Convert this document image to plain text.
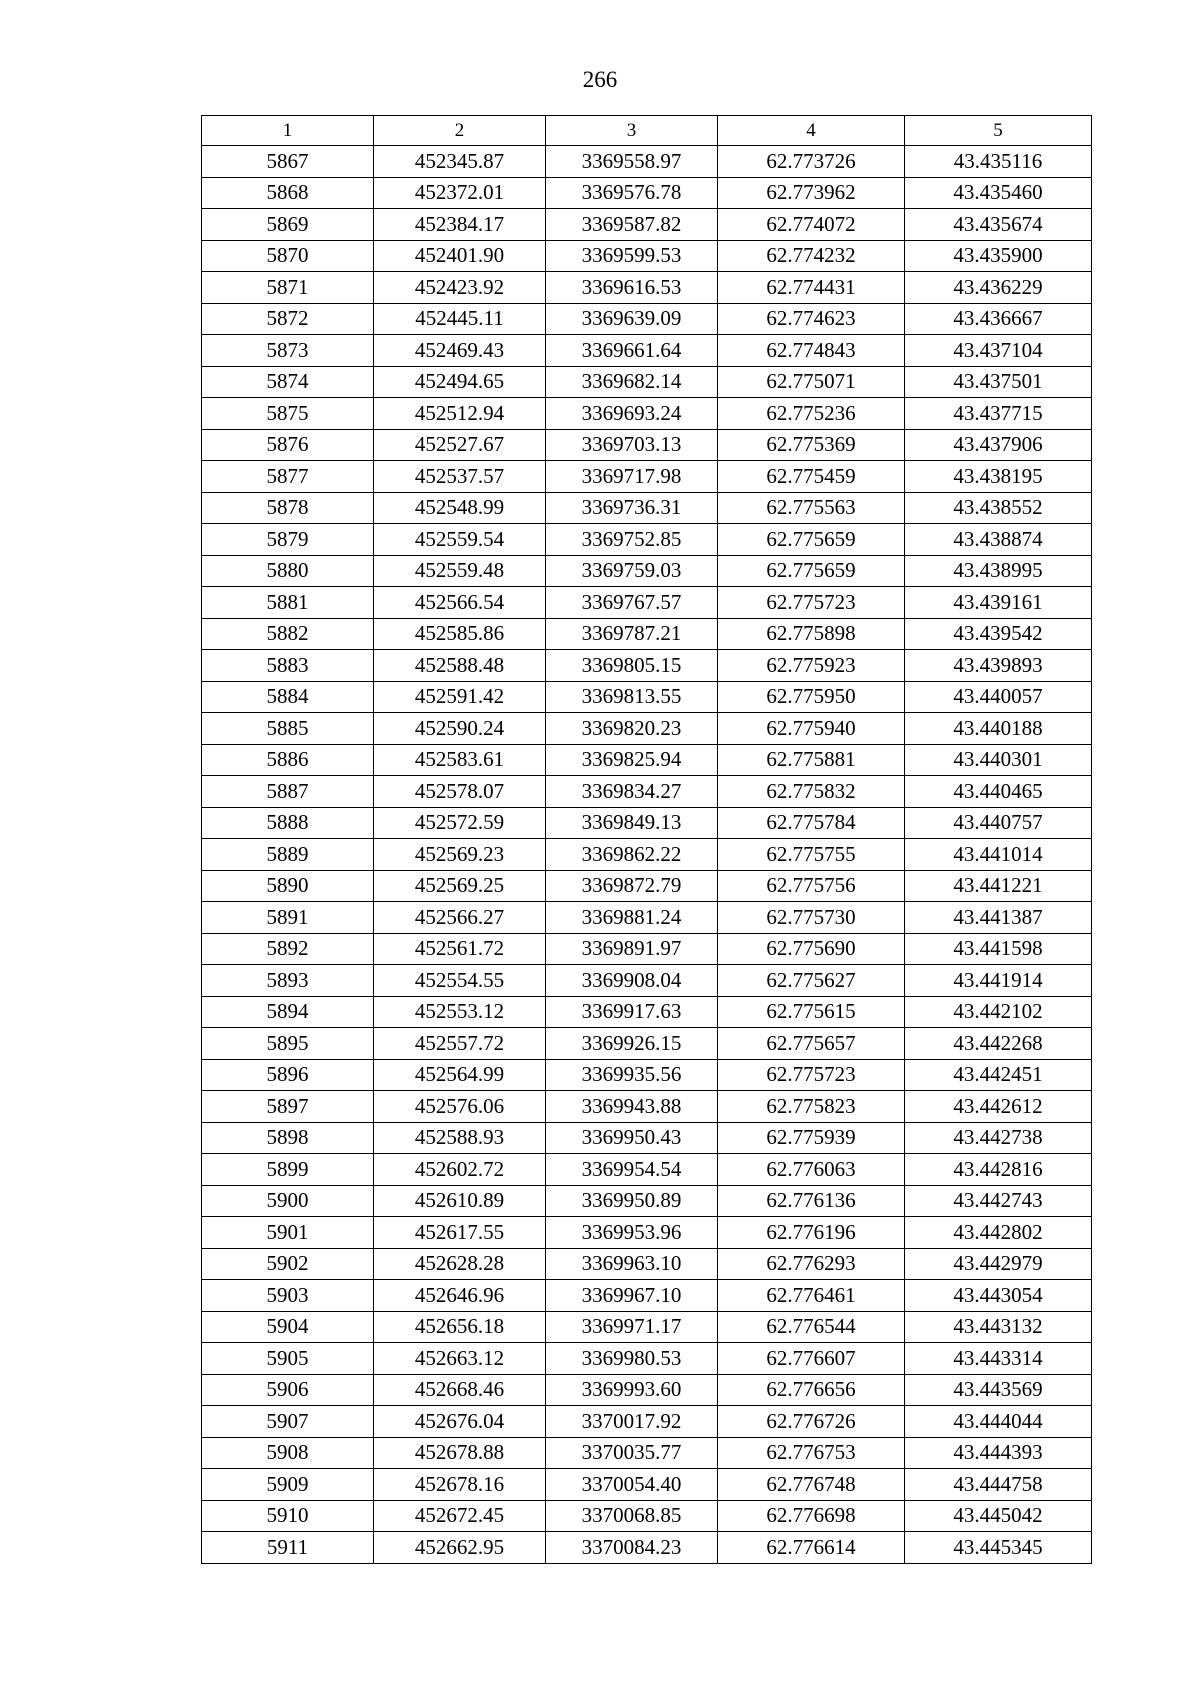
266
1	2	3	4	5
5867	452345.87	3369558.97	62.773726	43.435116
5868	452372.01	3369576.78	62.773962	43.435460
5869	452384.17	3369587.82	62.774072	43.435674
5870	452401.90	3369599.53	62.774232	43.435900
5871	452423.92	3369616.53	62.774431	43.436229
5872	452445.11	3369639.09	62.774623	43.436667
5873	452469.43	3369661.64	62.774843	43.437104
5874	452494.65	3369682.14	62.775071	43.437501
5875	452512.94	3369693.24	62.775236	43.437715
5876	452527.67	3369703.13	62.775369	43.437906
5877	452537.57	3369717.98	62.775459	43.438195
5878	452548.99	3369736.31	62.775563	43.438552
5879	452559.54	3369752.85	62.775659	43.438874
5880	452559.48	3369759.03	62.775659	43.438995
5881	452566.54	3369767.57	62.775723	43.439161
5882	452585.86	3369787.21	62.775898	43.439542
5883	452588.48	3369805.15	62.775923	43.439893
5884	452591.42	3369813.55	62.775950	43.440057
5885	452590.24	3369820.23	62.775940	43.440188
5886	452583.61	3369825.94	62.775881	43.440301
5887	452578.07	3369834.27	62.775832	43.440465
5888	452572.59	3369849.13	62.775784	43.440757
5889	452569.23	3369862.22	62.775755	43.441014
5890	452569.25	3369872.79	62.775756	43.441221
5891	452566.27	3369881.24	62.775730	43.441387
5892	452561.72	3369891.97	62.775690	43.441598
5893	452554.55	3369908.04	62.775627	43.441914
5894	452553.12	3369917.63	62.775615	43.442102
5895	452557.72	3369926.15	62.775657	43.442268
5896	452564.99	3369935.56	62.775723	43.442451
5897	452576.06	3369943.88	62.775823	43.442612
5898	452588.93	3369950.43	62.775939	43.442738
5899	452602.72	3369954.54	62.776063	43.442816
5900	452610.89	3369950.89	62.776136	43.442743
5901	452617.55	3369953.96	62.776196	43.442802
5902	452628.28	3369963.10	62.776293	43.442979
5903	452646.96	3369967.10	62.776461	43.443054
5904	452656.18	3369971.17	62.776544	43.443132
5905	452663.12	3369980.53	62.776607	43.443314
5906	452668.46	3369993.60	62.776656	43.443569
5907	452676.04	3370017.92	62.776726	43.444044
5908	452678.88	3370035.77	62.776753	43.444393
5909	452678.16	3370054.40	62.776748	43.444758
5910	452672.45	3370068.85	62.776698	43.445042
5911	452662.95	3370084.23	62.776614	43.445345
